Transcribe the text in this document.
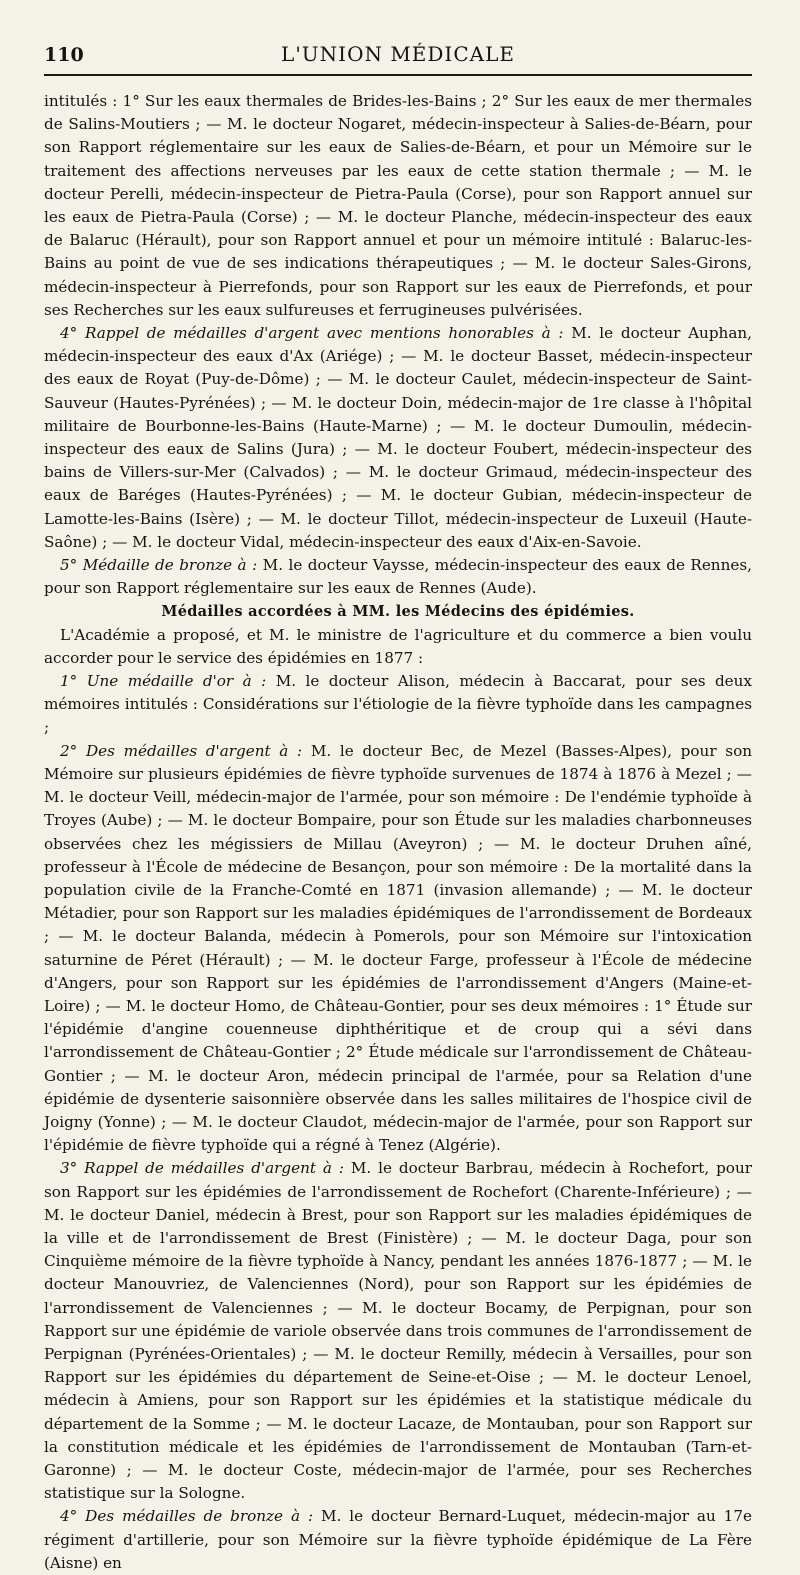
110	L'UNION MÉDICALE

intitulés : 1° Sur les eaux thermales de Brides-les-Bains ; 2° Sur les eaux de mer thermales de Salins-Moutiers ; — M. le docteur Nogaret, médecin-inspecteur à Salies-de-Béarn, pour son Rapport réglementaire sur les eaux de Salies-de-Béarn, et pour un Mémoire sur le traitement des affections nerveuses par les eaux de cette station thermale ; — M. le docteur Perelli, médecin-inspecteur de Pietra-Paula (Corse), pour son Rapport annuel sur les eaux de Pietra-Paula (Corse) ; — M. le docteur Planche, médecin-inspecteur des eaux de Balaruc (Hérault), pour son Rapport annuel et pour un mémoire intitulé : Balaruc-les-Bains au point de vue de ses indications thérapeutiques ; — M. le docteur Sales-Girons, médecin-inspecteur à Pierrefonds, pour son Rapport sur les eaux de Pierrefonds, et pour ses Recherches sur les eaux sulfureuses et ferrugineuses pulvérisées.

4° Rappel de médailles d'argent avec mentions honorables à : M. le docteur Auphan, médecin-inspecteur des eaux d'Ax (Ariége) ; — M. le docteur Basset, médecin-inspecteur des eaux de Royat (Puy-de-Dôme) ; — M. le docteur Caulet, médecin-inspecteur de Saint-Sauveur (Hautes-Pyrénées) ; — M. le docteur Doin, médecin-major de 1re classe à l'hôpital militaire de Bourbonne-les-Bains (Haute-Marne) ; — M. le docteur Dumoulin, médecin-inspecteur des eaux de Salins (Jura) ; — M. le docteur Foubert, médecin-inspecteur des bains de Villers-sur-Mer (Calvados) ; — M. le docteur Grimaud, médecin-inspecteur des eaux de Baréges (Hautes-Pyrénées) ; — M. le docteur Gubian, médecin-inspecteur de Lamotte-les-Bains (Isère) ; — M. le docteur Tillot, médecin-inspecteur de Luxeuil (Haute-Saône) ; — M. le docteur Vidal, médecin-inspecteur des eaux d'Aix-en-Savoie.

5° Médaille de bronze à : M. le docteur Vaysse, médecin-inspecteur des eaux de Rennes, pour son Rapport réglementaire sur les eaux de Rennes (Aude).

Médailles accordées à MM. les Médecins des épidémies.

L'Académie a proposé, et M. le ministre de l'agriculture et du commerce a bien voulu accorder pour le service des épidémies en 1877 :

1° Une médaille d'or à : M. le docteur Alison, médecin à Baccarat, pour ses deux mémoires intitulés : Considérations sur l'étiologie de la fièvre typhoïde dans les campagnes ;

2° Des médailles d'argent à : M. le docteur Bec, de Mezel (Basses-Alpes), pour son Mémoire sur plusieurs épidémies de fièvre typhoïde survenues de 1874 à 1876 à Mezel ; — M. le docteur Veill, médecin-major de l'armée, pour son mémoire : De l'endémie typhoïde à Troyes (Aube) ; — M. le docteur Bompaire, pour son Étude sur les maladies charbonneuses observées chez les mégissiers de Millau (Aveyron) ; — M. le docteur Druhen aîné, professeur à l'École de médecine de Besançon, pour son mémoire : De la mortalité dans la population civile de la Franche-Comté en 1871 (invasion allemande) ; — M. le docteur Métadier, pour son Rapport sur les maladies épidémiques de l'arrondissement de Bordeaux ; — M. le docteur Balanda, médecin à Pomerols, pour son Mémoire sur l'intoxication saturnine de Péret (Hérault) ; — M. le docteur Farge, professeur à l'École de médecine d'Angers, pour son Rapport sur les épidémies de l'arrondissement d'Angers (Maine-et-Loire) ; — M. le docteur Homo, de Château-Gontier, pour ses deux mémoires : 1° Étude sur l'épidémie d'angine couenneuse diphthéritique et de croup qui a sévi dans l'arrondissement de Château-Gontier ; 2° Étude médicale sur l'arrondissement de Château-Gontier ; — M. le docteur Aron, médecin principal de l'armée, pour sa Relation d'une épidémie de dysenterie saisonnière observée dans les salles militaires de l'hospice civil de Joigny (Yonne) ; — M. le docteur Claudot, médecin-major de l'armée, pour son Rapport sur l'épidémie de fièvre typhoïde qui a régné à Tenez (Algérie).

3° Rappel de médailles d'argent à : M. le docteur Barbrau, médecin à Rochefort, pour son Rapport sur les épidémies de l'arrondissement de Rochefort (Charente-Inférieure) ; — M. le docteur Daniel, médecin à Brest, pour son Rapport sur les maladies épidémiques de la ville et de l'arrondissement de Brest (Finistère) ; — M. le docteur Daga, pour son Cinquième mémoire de la fièvre typhoïde à Nancy, pendant les années 1876-1877 ; — M. le docteur Manouvriez, de Valenciennes (Nord), pour son Rapport sur les épidémies de l'arrondissement de Valenciennes ; — M. le docteur Bocamy, de Perpignan, pour son Rapport sur une épidémie de variole observée dans trois communes de l'arrondissement de Perpignan (Pyrénées-Orientales) ; — M. le docteur Remilly, médecin à Versailles, pour son Rapport sur les épidémies du département de Seine-et-Oise ; — M. le docteur Lenoel, médecin à Amiens, pour son Rapport sur les épidémies et la statistique médicale du département de la Somme ; — M. le docteur Lacaze, de Montauban, pour son Rapport sur la constitution médicale et les épidémies de l'arrondissement de Montauban (Tarn-et-Garonne) ; — M. le docteur Coste, médecin-major de l'armée, pour ses Recherches statistique sur la Sologne.

4° Des médailles de bronze à : M. le docteur Bernard-Luquet, médecin-major au 17e régiment d'artillerie, pour son Mémoire sur la fièvre typhoïde épidémique de La Fère (Aisne) en
